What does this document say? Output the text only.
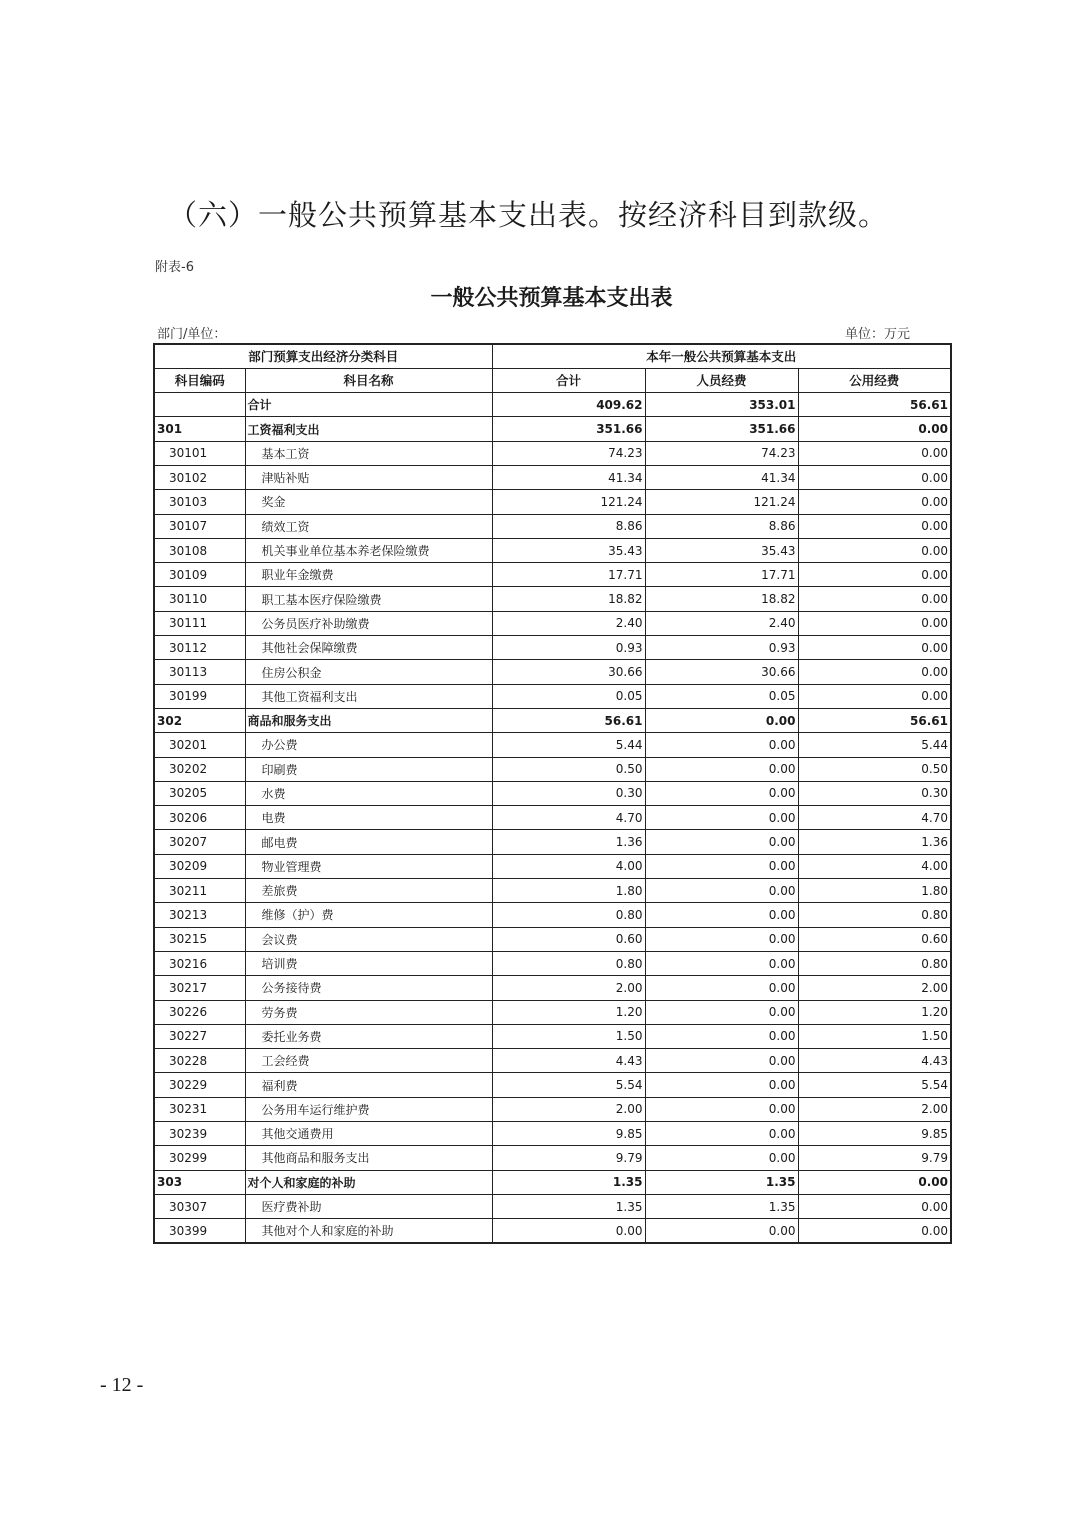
（六）一般公共预算基本支出表。按经济科目到款级。
附表-6
一般公共预算基本支出表
部门/单位：	单位：万元
部门预算支出经济分类科目		本年一般公共预算基本支出		
科目编码	科目名称	合计	人员经费	公用经费
	合计	409.62	353.01	56.61
301	工资福利支出	351.66	351.66	0.00
30101	基本工资	74.23	74.23	0.00
30102	津贴补贴	41.34	41.34	0.00
30103	奖金	121.24	121.24	0.00
30107	绩效工资	8.86	8.86	0.00
30108	机关事业单位基本养老保险缴费	35.43	35.43	0.00
30109	职业年金缴费	17.71	17.71	0.00
30110	职工基本医疗保险缴费	18.82	18.82	0.00
30111	公务员医疗补助缴费	2.40	2.40	0.00
30112	其他社会保障缴费	0.93	0.93	0.00
30113	住房公积金	30.66	30.66	0.00
30199	其他工资福利支出	0.05	0.05	0.00
302	商品和服务支出	56.61	0.00	56.61
30201	办公费	5.44	0.00	5.44
30202	印刷费	0.50	0.00	0.50
30205	水费	0.30	0.00	0.30
30206	电费	4.70	0.00	4.70
30207	邮电费	1.36	0.00	1.36
30209	物业管理费	4.00	0.00	4.00
30211	差旅费	1.80	0.00	1.80
30213	维修（护）费	0.80	0.00	0.80
30215	会议费	0.60	0.00	0.60
30216	培训费	0.80	0.00	0.80
30217	公务接待费	2.00	0.00	2.00
30226	劳务费	1.20	0.00	1.20
30227	委托业务费	1.50	0.00	1.50
30228	工会经费	4.43	0.00	4.43
30229	福利费	5.54	0.00	5.54
30231	公务用车运行维护费	2.00	0.00	2.00
30239	其他交通费用	9.85	0.00	9.85
30299	其他商品和服务支出	9.79	0.00	9.79
303	对个人和家庭的补助	1.35	1.35	0.00
30307	医疗费补助	1.35	1.35	0.00
30399	其他对个人和家庭的补助	0.00	0.00	0.00
- 12 -
